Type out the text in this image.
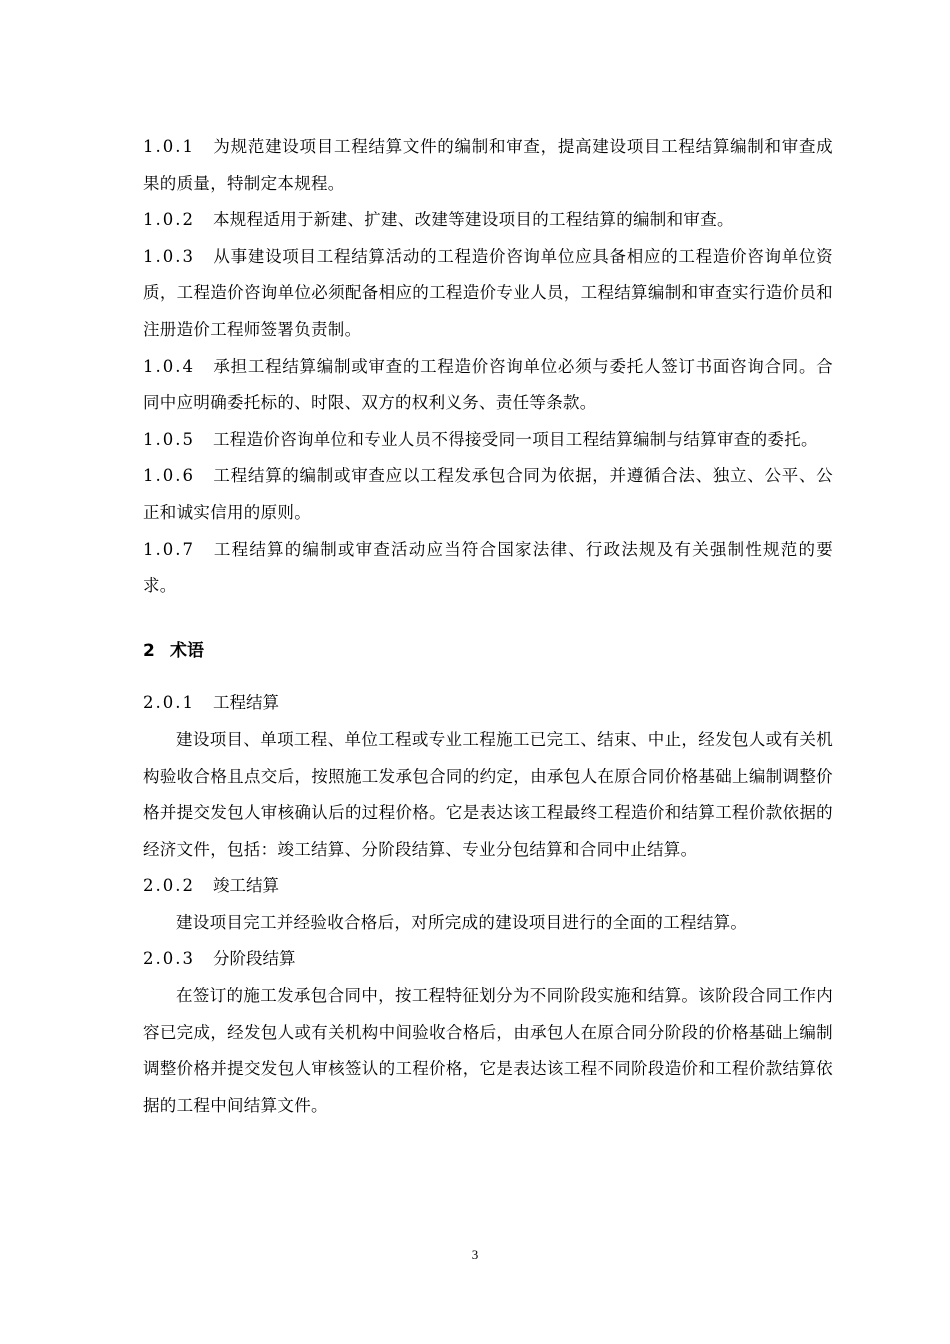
1.0.1 为规范建设项目工程结算文件的编制和审查，提高建设项目工程结算编制和审查成果的质量，特制定本规程。

1.0.2 本规程适用于新建、扩建、改建等建设项目的工程结算的编制和审查。

1.0.3 从事建设项目工程结算活动的工程造价咨询单位应具备相应的工程造价咨询单位资质，工程造价咨询单位必须配备相应的工程造价专业人员，工程结算编制和审查实行造价员和注册造价工程师签署负责制。

1.0.4 承担工程结算编制或审查的工程造价咨询单位必须与委托人签订书面咨询合同。合同中应明确委托标的、时限、双方的权利义务、责任等条款。

1.0.5 工程造价咨询单位和专业人员不得接受同一项目工程结算编制与结算审查的委托。

1.0.6 工程结算的编制或审查应以工程发承包合同为依据，并遵循合法、独立、公平、公正和诚实信用的原则。

1.0.7 工程结算的编制或审查活动应当符合国家法律、行政法规及有关强制性规范的要求。

2 术语

2.0.1 工程结算

建设项目、单项工程、单位工程或专业工程施工已完工、结束、中止，经发包人或有关机构验收合格且点交后，按照施工发承包合同的约定，由承包人在原合同价格基础上编制调整价格并提交发包人审核确认后的过程价格。它是表达该工程最终工程造价和结算工程价款依据的经济文件，包括：竣工结算、分阶段结算、专业分包结算和合同中止结算。

2.0.2 竣工结算

建设项目完工并经验收合格后，对所完成的建设项目进行的全面的工程结算。

2.0.3 分阶段结算

在签订的施工发承包合同中，按工程特征划分为不同阶段实施和结算。该阶段合同工作内容已完成，经发包人或有关机构中间验收合格后，由承包人在原合同分阶段的价格基础上编制调整价格并提交发包人审核签认的工程价格，它是表达该工程不同阶段造价和工程价款结算依据的工程中间结算文件。

3
